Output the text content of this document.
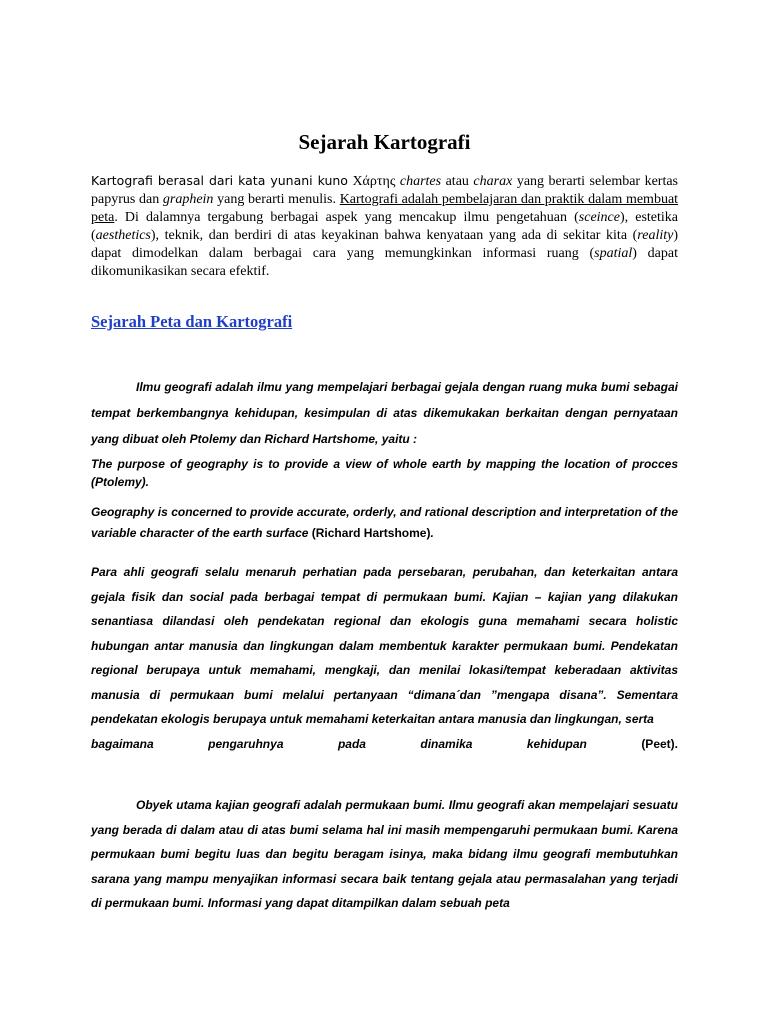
Sejarah Kartografi

Kartografi berasal dari kata yunani kuno Χάρτης chartes atau charax yang berarti selembar kertas papyrus dan graphein yang berarti menulis. Kartografi adalah pembelajaran dan praktik dalam membuat peta. Di dalamnya tergabung berbagai aspek yang mencakup ilmu pengetahuan (sceince), estetika (aesthetics), teknik, dan berdiri di atas keyakinan bahwa kenyataan yang ada di sekitar kita (reality) dapat dimodelkan dalam berbagai cara yang memungkinkan informasi ruang (spatial) dapat dikomunikasikan secara efektif.

Sejarah Peta dan Kartografi

Ilmu geografi adalah ilmu yang mempelajari berbagai gejala dengan ruang muka bumi sebagai tempat berkembangnya kehidupan, kesimpulan di atas dikemukakan berkaitan dengan pernyataan yang dibuat oleh Ptolemy dan Richard Hartshome, yaitu :

The purpose of geography is to provide a view of whole earth by mapping the location of procces (Ptolemy).

Geography is concerned to provide accurate, orderly, and rational description and interpretation of the variable character of the earth surface (Richard Hartshome).

Para ahli geografi selalu menaruh perhatian pada persebaran, perubahan, dan keterkaitan antara gejala fisik dan social pada berbagai tempat di permukaan bumi. Kajian – kajian yang dilakukan senantiasa dilandasi oleh pendekatan regional dan ekologis guna memahami secara holistic hubungan antar manusia dan lingkungan dalam membentuk karakter permukaan bumi. Pendekatan regional berupaya untuk memahami, mengkaji, dan menilai lokasi/tempat keberadaan aktivitas manusia di permukaan bumi melalui pertanyaan “dimana´dan ”mengapa disana”. Sementara pendekatan ekologis berupaya untuk memahami keterkaitan antara manusia dan lingkungan, serta
bagaimana	pengaruhnya	pada	dinamika	kehidupan	(Peet).

Obyek utama kajian geografi adalah permukaan bumi. Ilmu geografi akan mempelajari sesuatu yang berada di dalam atau di atas bumi selama hal ini masih mempengaruhi permukaan bumi. Karena permukaan bumi begitu luas dan begitu beragam isinya, maka bidang ilmu geografi membutuhkan sarana yang mampu menyajikan informasi secara baik tentang gejala atau permasalahan yang terjadi di permukaan bumi. Informasi yang dapat ditampilkan dalam sebuah peta
